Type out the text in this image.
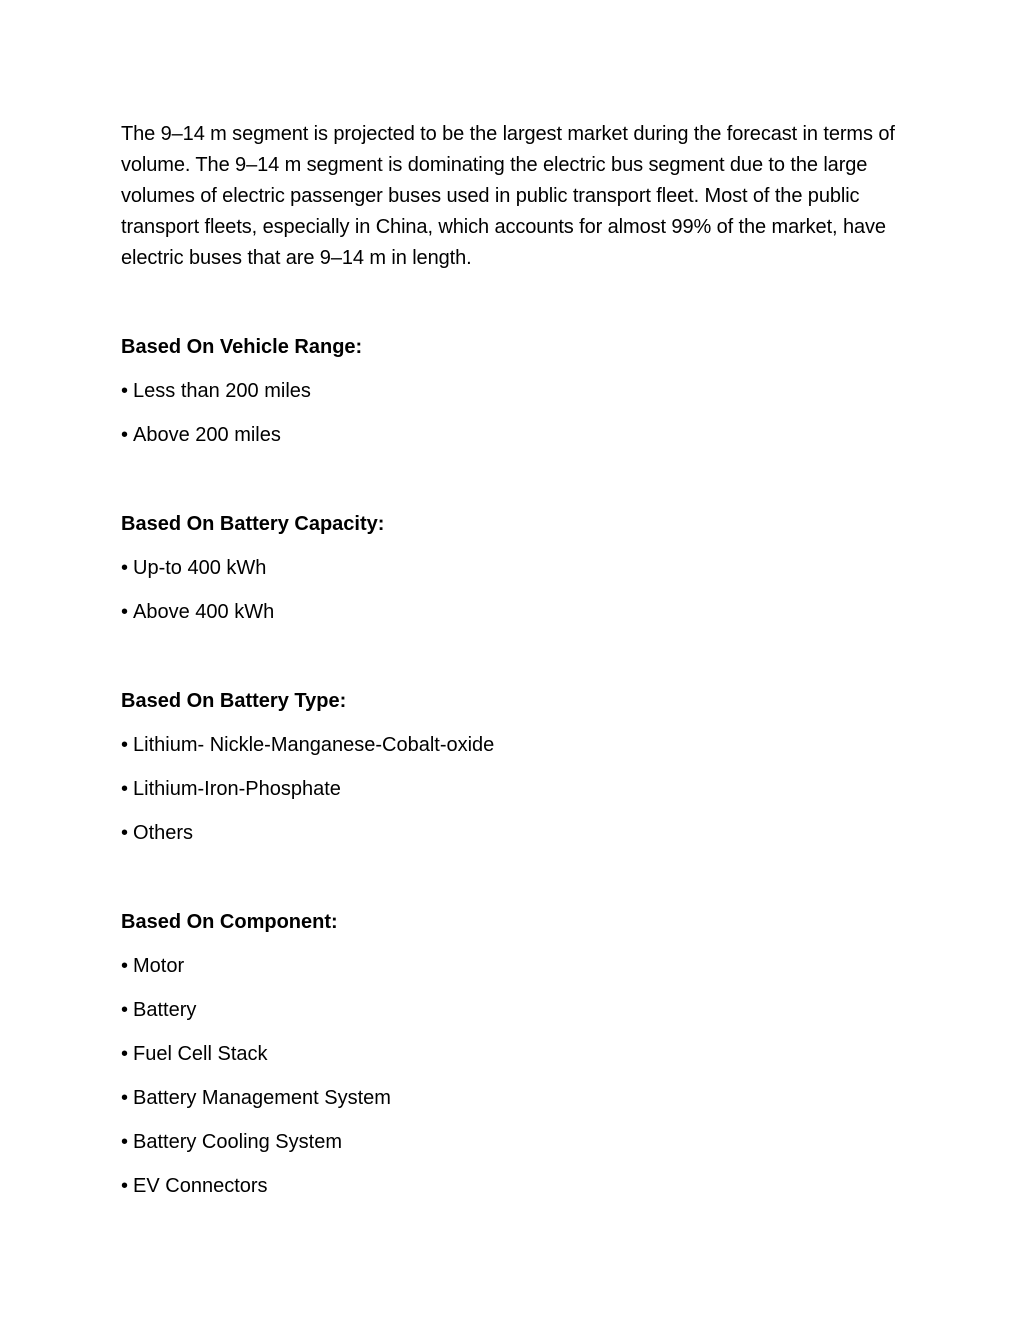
The 9–14 m segment is projected to be the largest market during the forecast in terms of volume. The 9–14 m segment is dominating the electric bus segment due to the large volumes of electric passenger buses used in public transport fleet. Most of the public transport fleets, especially in China, which accounts for almost 99% of the market, have electric buses that are 9–14 m in length.

Based On Vehicle Range:
• Less than 200 miles
• Above 200 miles
Based On Battery Capacity:
• Up-to 400 kWh
• Above 400 kWh
Based On Battery Type:
• Lithium- Nickle-Manganese-Cobalt-oxide
• Lithium-Iron-Phosphate
• Others
Based On Component:
• Motor
• Battery
• Fuel Cell Stack
• Battery Management System
• Battery Cooling System
• EV Connectors
